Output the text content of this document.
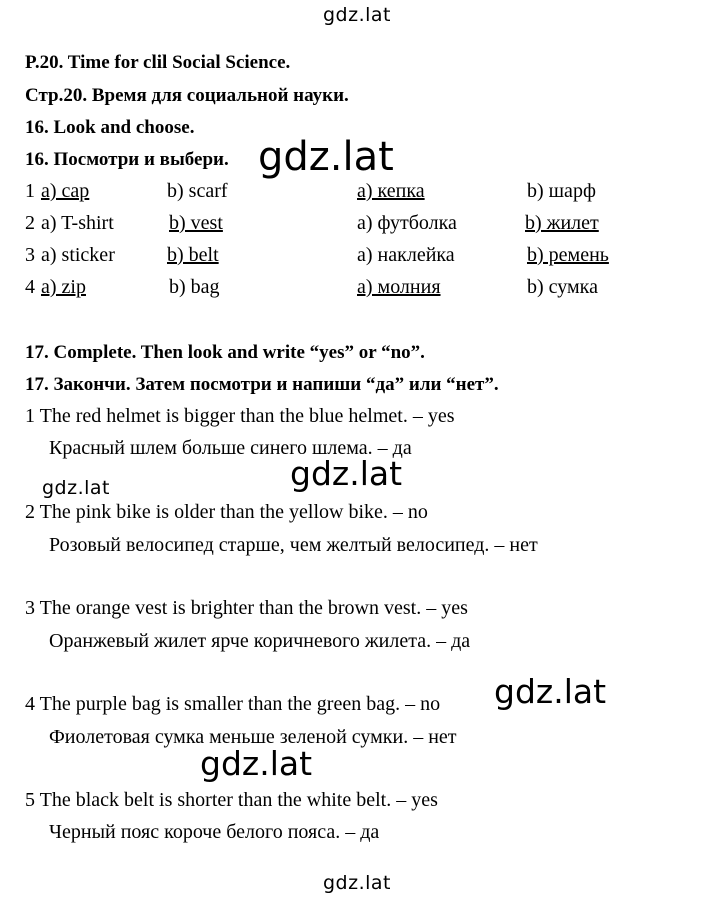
gdz.lat
gdz.lat
gdz.lat
gdz.lat
gdz.lat
gdz.lat
gdz.lat
P.20. Time for clil Social Science.
Стр.20. Время для социальной науки.
16. Look and choose.
16. Посмотри и выбери.
1 a) cap	b) scarf	а) кепка	b) шарф
2 a) T-shirt	b) vest	а) футболка	b) жилет
3 a) sticker	b) belt	а) наклейка	b) ремень
4 a) zip	b) bag	а) молния	b) сумка
17. Complete. Then look and write “yes” or “no”.
17. Закончи. Затем посмотри и напиши “да” или “нет”.
1 The red helmet is bigger than the blue helmet. – yes
Красный шлем больше синего шлема. – да
2 The pink bike is older than the yellow bike. – no
Розовый велосипед старше, чем желтый велосипед. – нет
3 The orange vest is brighter than the brown vest. – yes
Оранжевый жилет ярче коричневого жилета. – да
4 The purple bag is smaller than the green bag. – no
Фиолетовая сумка меньше зеленой сумки. – нет
5 The black belt is shorter than the white belt. – yes
Черный пояс короче белого пояса. – да
